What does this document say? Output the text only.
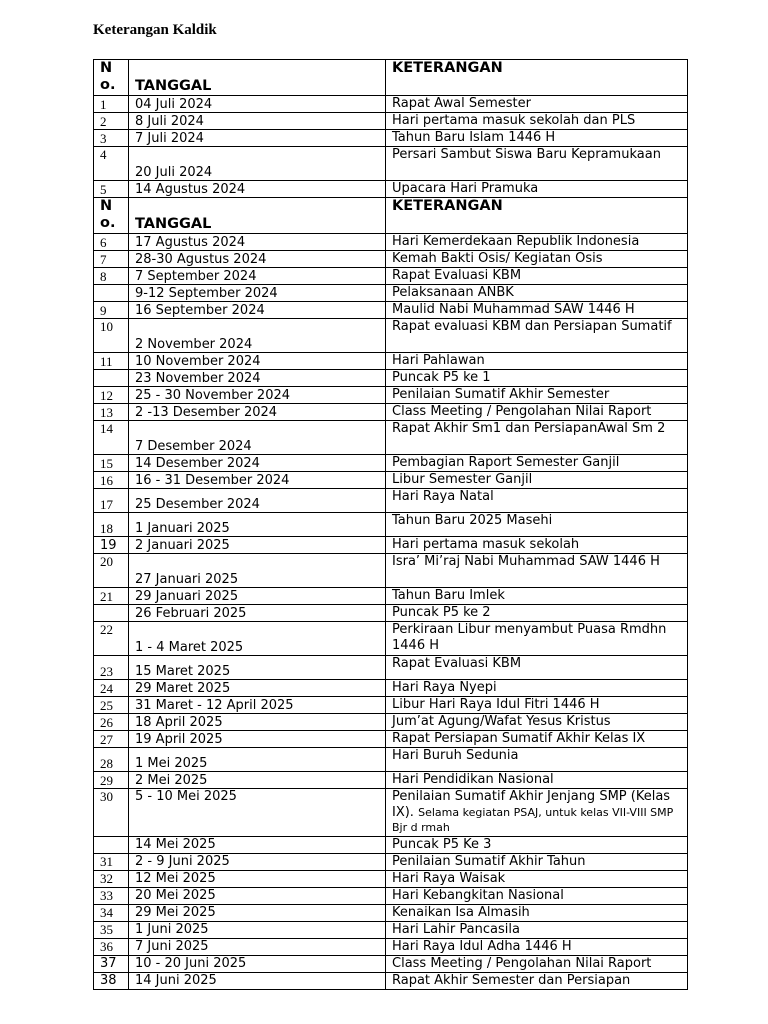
Keterangan Kaldik
N o.	TANGGAL	KETERANGAN
1	04 Juli 2024	Rapat Awal Semester
2	8 Juli 2024	Hari pertama masuk sekolah dan PLS
3	7 Juli 2024	Tahun Baru Islam 1446 H
4	20 Juli 2024	Persari Sambut Siswa Baru Kepramukaan
5	14 Agustus 2024	Upacara Hari Pramuka
N o.	TANGGAL	KETERANGAN
6	17 Agustus 2024	Hari Kemerdekaan Republik Indonesia
7	28-30 Agustus 2024	Kemah Bakti Osis/ Kegiatan Osis
8	7 September 2024	Rapat Evaluasi KBM
	9-12 September 2024	Pelaksanaan ANBK
9	16 September 2024	Maulid Nabi Muhammad SAW 1446 H
10	2 November 2024	Rapat evaluasi KBM dan Persiapan Sumatif
11	10 November 2024	Hari Pahlawan
	23 November 2024	Puncak P5 ke 1
12	25 - 30 November 2024	Penilaian Sumatif Akhir Semester
13	2 -13 Desember 2024	Class Meeting / Pengolahan Nilai Raport
14	7 Desember 2024	Rapat Akhir Sm1 dan PersiapanAwal Sm 2
15	14 Desember 2024	Pembagian Raport Semester Ganjil
16	16 - 31 Desember 2024	Libur Semester Ganjil
17	25 Desember 2024	Hari Raya Natal
18	1 Januari 2025	Tahun Baru 2025 Masehi
19	2 Januari 2025	Hari pertama masuk sekolah
20	27 Januari 2025	Isra’ Mi’raj Nabi Muhammad SAW 1446 H
21	29 Januari 2025	Tahun Baru Imlek
	26 Februari 2025	Puncak P5 ke 2
22	1 - 4 Maret 2025	Perkiraan Libur menyambut Puasa Rmdhn 1446 H
23	15 Maret 2025	Rapat Evaluasi KBM
24	29 Maret 2025	Hari Raya Nyepi
25	31 Maret - 12 April 2025	Libur Hari Raya Idul Fitri 1446 H
26	18 April 2025	Jum’at Agung/Wafat Yesus Kristus
27	19 April 2025	Rapat Persiapan Sumatif Akhir Kelas IX
28	1 Mei 2025	Hari Buruh Sedunia
29	2 Mei 2025	Hari Pendidikan Nasional
30	5 - 10 Mei 2025	Penilaian Sumatif Akhir Jenjang SMP (Kelas IX). Selama kegiatan PSAJ, untuk kelas VII-VIII SMP Bjr d rmah
	14 Mei 2025	Puncak P5 Ke 3
31	2 - 9 Juni 2025	Penilaian Sumatif Akhir Tahun
32	12 Mei 2025	Hari Raya Waisak
33	20 Mei 2025	Hari Kebangkitan Nasional
34	29 Mei 2025	Kenaikan Isa Almasih
35	1 Juni 2025	Hari Lahir Pancasila
36	7 Juni 2025	Hari Raya Idul Adha 1446 H
37	10 - 20 Juni 2025	Class Meeting / Pengolahan Nilai Raport
38	14 Juni 2025	Rapat Akhir Semester dan Persiapan
